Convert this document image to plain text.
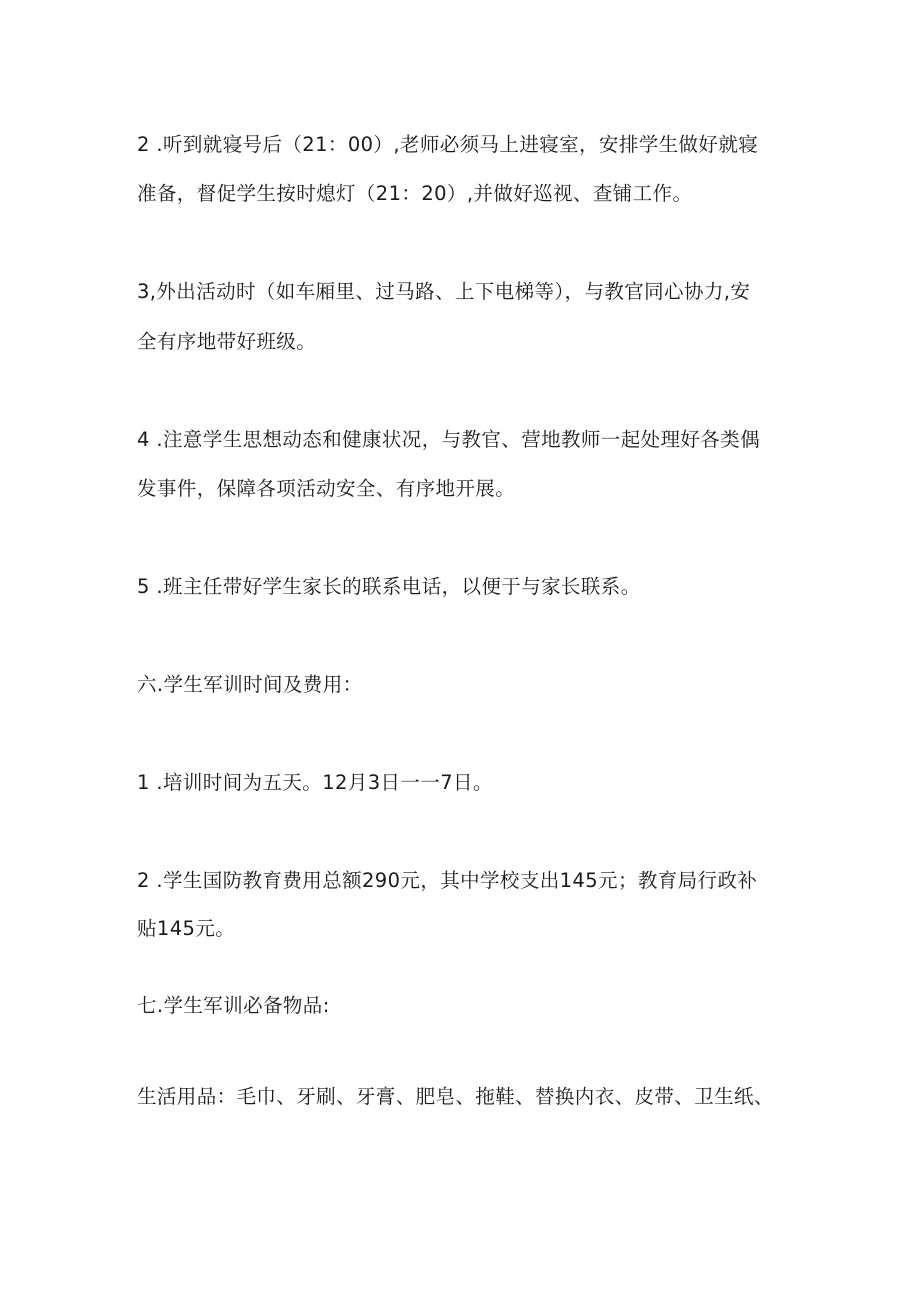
2 .听到就寝号后（21：00）,老师必须马上进寝室，安排学生做好就寝
准备，督促学生按时熄灯（21：20）,并做好巡视、查铺工作。
3,外出活动时（如车厢里、过马路、上下电梯等），与教官同心协力,安
全有序地带好班级。
4 .注意学生思想动态和健康状况，与教官、营地教师一起处理好各类偶
发事件，保障各项活动安全、有序地开展。
5 .班主任带好学生家长的联系电话，以便于与家长联系。
六.学生军训时间及费用：
1 .培训时间为五天。12月3日一一7日。
2 .学生国防教育费用总额290元，其中学校支出145元；教育局行政补
贴145元。
七.学生军训必备物品:
生活用品：毛巾、牙刷、牙膏、肥皂、拖鞋、替换内衣、皮带、卫生纸、
